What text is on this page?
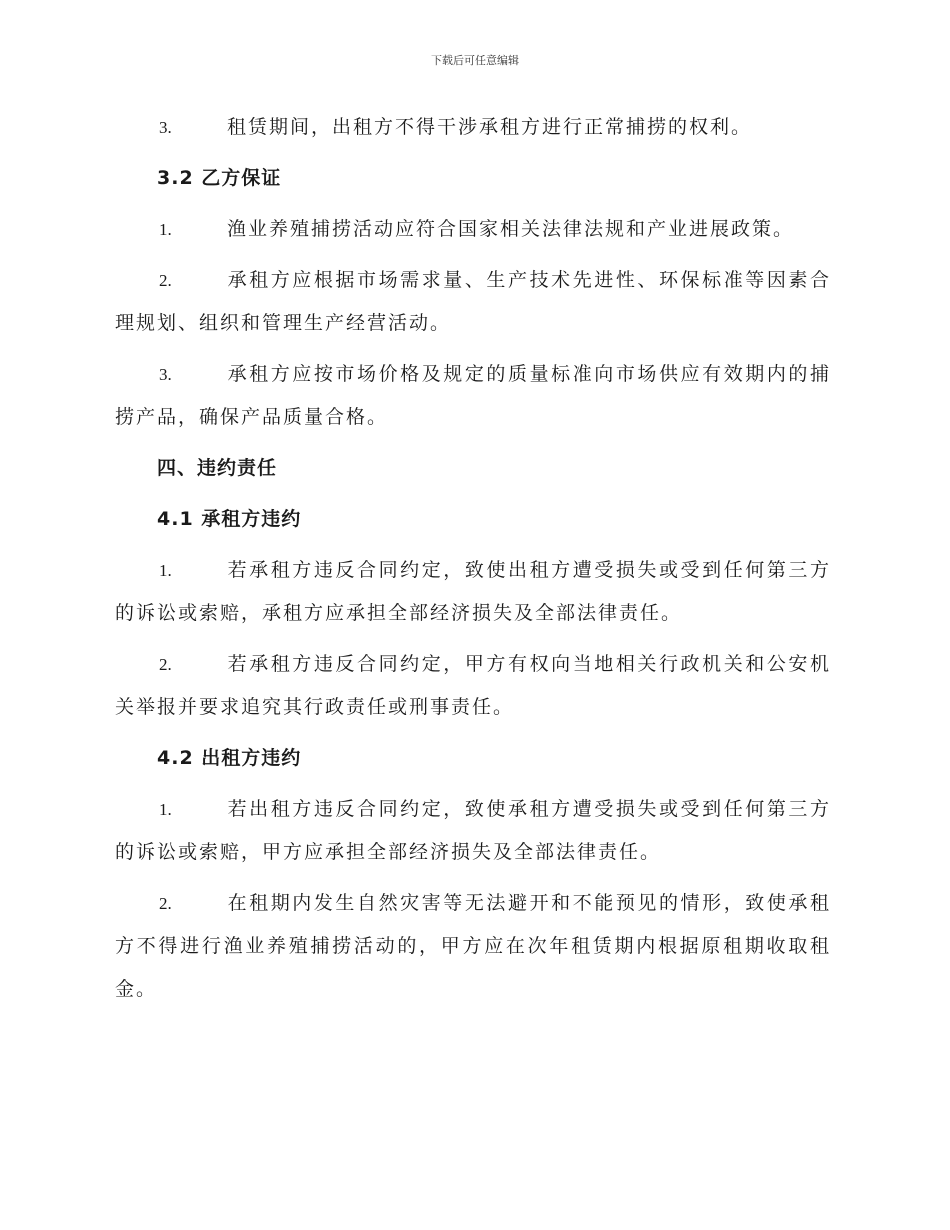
下载后可任意编辑

3.	租赁期间，出租方不得干涉承租方进行正常捕捞的权利。

3.2 乙方保证

1.	渔业养殖捕捞活动应符合国家相关法律法规和产业进展政策。

2.	承租方应根据市场需求量、生产技术先进性、环保标准等因素合理规划、组织和管理生产经营活动。

3.	承租方应按市场价格及规定的质量标准向市场供应有效期内的捕捞产品，确保产品质量合格。

四、违约责任
4.1 承租方违约

1.	若承租方违反合同约定，致使出租方遭受损失或受到任何第三方的诉讼或索赔，承租方应承担全部经济损失及全部法律责任。

2.	若承租方违反合同约定，甲方有权向当地相关行政机关和公安机关举报并要求追究其行政责任或刑事责任。

4.2 出租方违约

1.	若出租方违反合同约定，致使承租方遭受损失或受到任何第三方的诉讼或索赔，甲方应承担全部经济损失及全部法律责任。

2.	在租期内发生自然灾害等无法避开和不能预见的情形，致使承租方不得进行渔业养殖捕捞活动的，甲方应在次年租赁期内根据原租期收取租金。
